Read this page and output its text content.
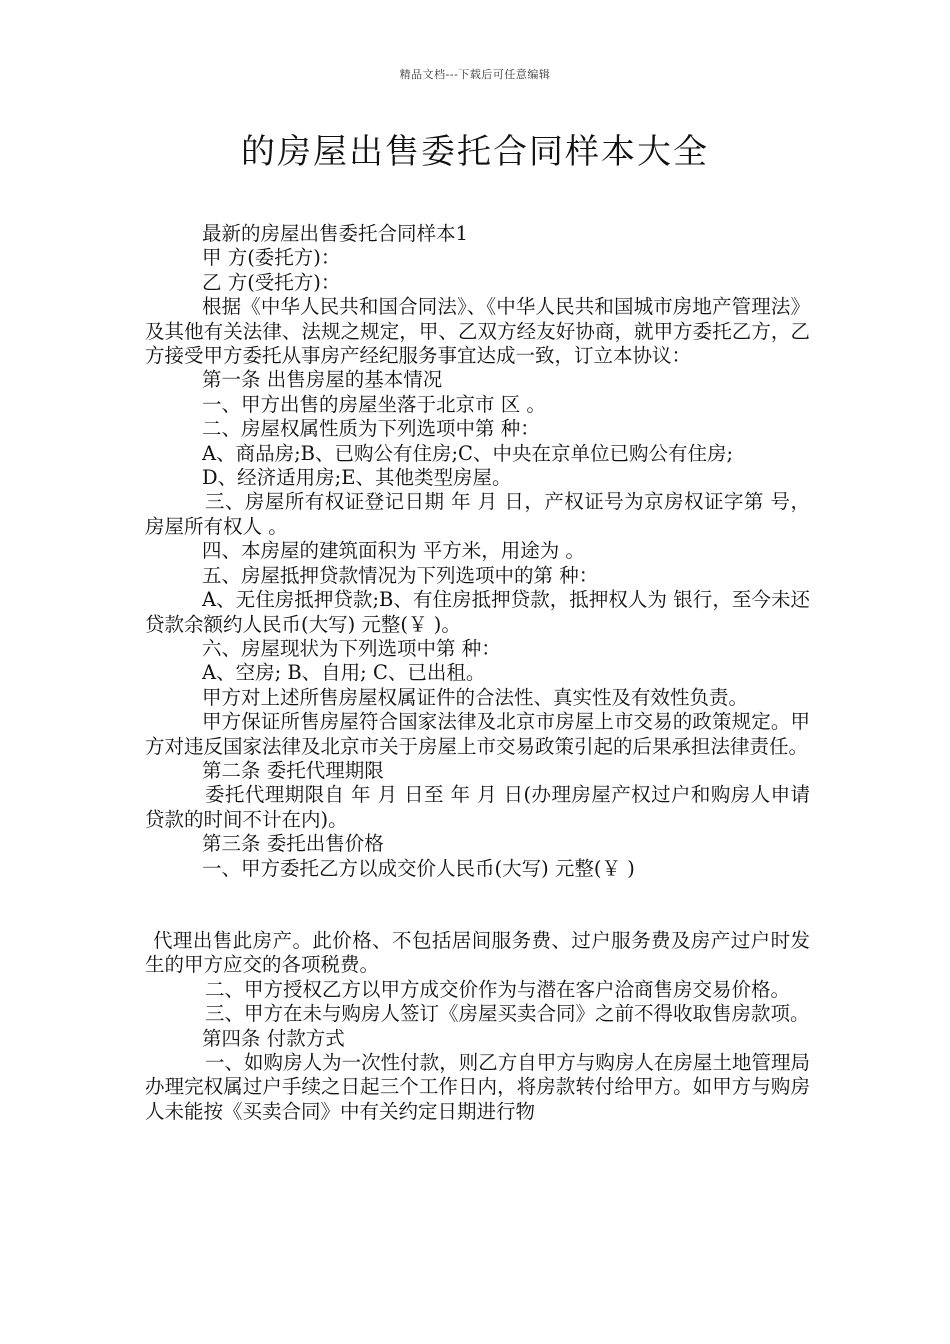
精品文档---下载后可任意编辑
的房屋出售委托合同样本大全

最新的房屋出售委托合同样本1

甲 方(委托方)：

乙 方(受托方)：

根据《中华人民共和国合同法》、《中华人民共和国城市房地产管理法》及其他有关法律、法规之规定，甲、乙双方经友好协商，就甲方委托乙方，乙方接受甲方委托从事房产经纪服务事宜达成一致，订立本协议：

第一条 出售房屋的基本情况

一、甲方出售的房屋坐落于北京市 区 。

二、房屋权属性质为下列选项中第 种：

A、商品房;B、已购公有住房;C、中央在京单位已购公有住房;

D、经济适用房;E、其他类型房屋。

三、房屋所有权证登记日期 年 月 日，产权证号为京房权证字第 号，房屋所有权人 。

四、本房屋的建筑面积为 平方米，用途为 。

五、房屋抵押贷款情况为下列选项中的第 种：

A、无住房抵押贷款;B、有住房抵押贷款，抵押权人为 银行，至今未还贷款余额约人民币(大写) 元整(￥ )。

六、房屋现状为下列选项中第 种：

A、空房; B、自用; C、已出租。

甲方对上述所售房屋权属证件的合法性、真实性及有效性负责。

甲方保证所售房屋符合国家法律及北京市房屋上市交易的政策规定。甲方对违反国家法律及北京市关于房屋上市交易政策引起的后果承担法律责任。

第二条 委托代理期限

委托代理期限自 年 月 日至 年 月 日(办理房屋产权过户和购房人申请贷款的时间不计在内)。

第三条 委托出售价格

一、甲方委托乙方以成交价人民币(大写) 元整(￥ )

代理出售此房产。此价格、不包括居间服务费、过户服务费及房产过户时发生的甲方应交的各项税费。

二、甲方授权乙方以甲方成交价作为与潜在客户洽商售房交易价格。

三、甲方在未与购房人签订《房屋买卖合同》之前不得收取售房款项。

第四条 付款方式

一、如购房人为一次性付款，则乙方自甲方与购房人在房屋土地管理局办理完权属过户手续之日起三个工作日内，将房款转付给甲方。如甲方与购房人未能按《买卖合同》中有关约定日期进行物
